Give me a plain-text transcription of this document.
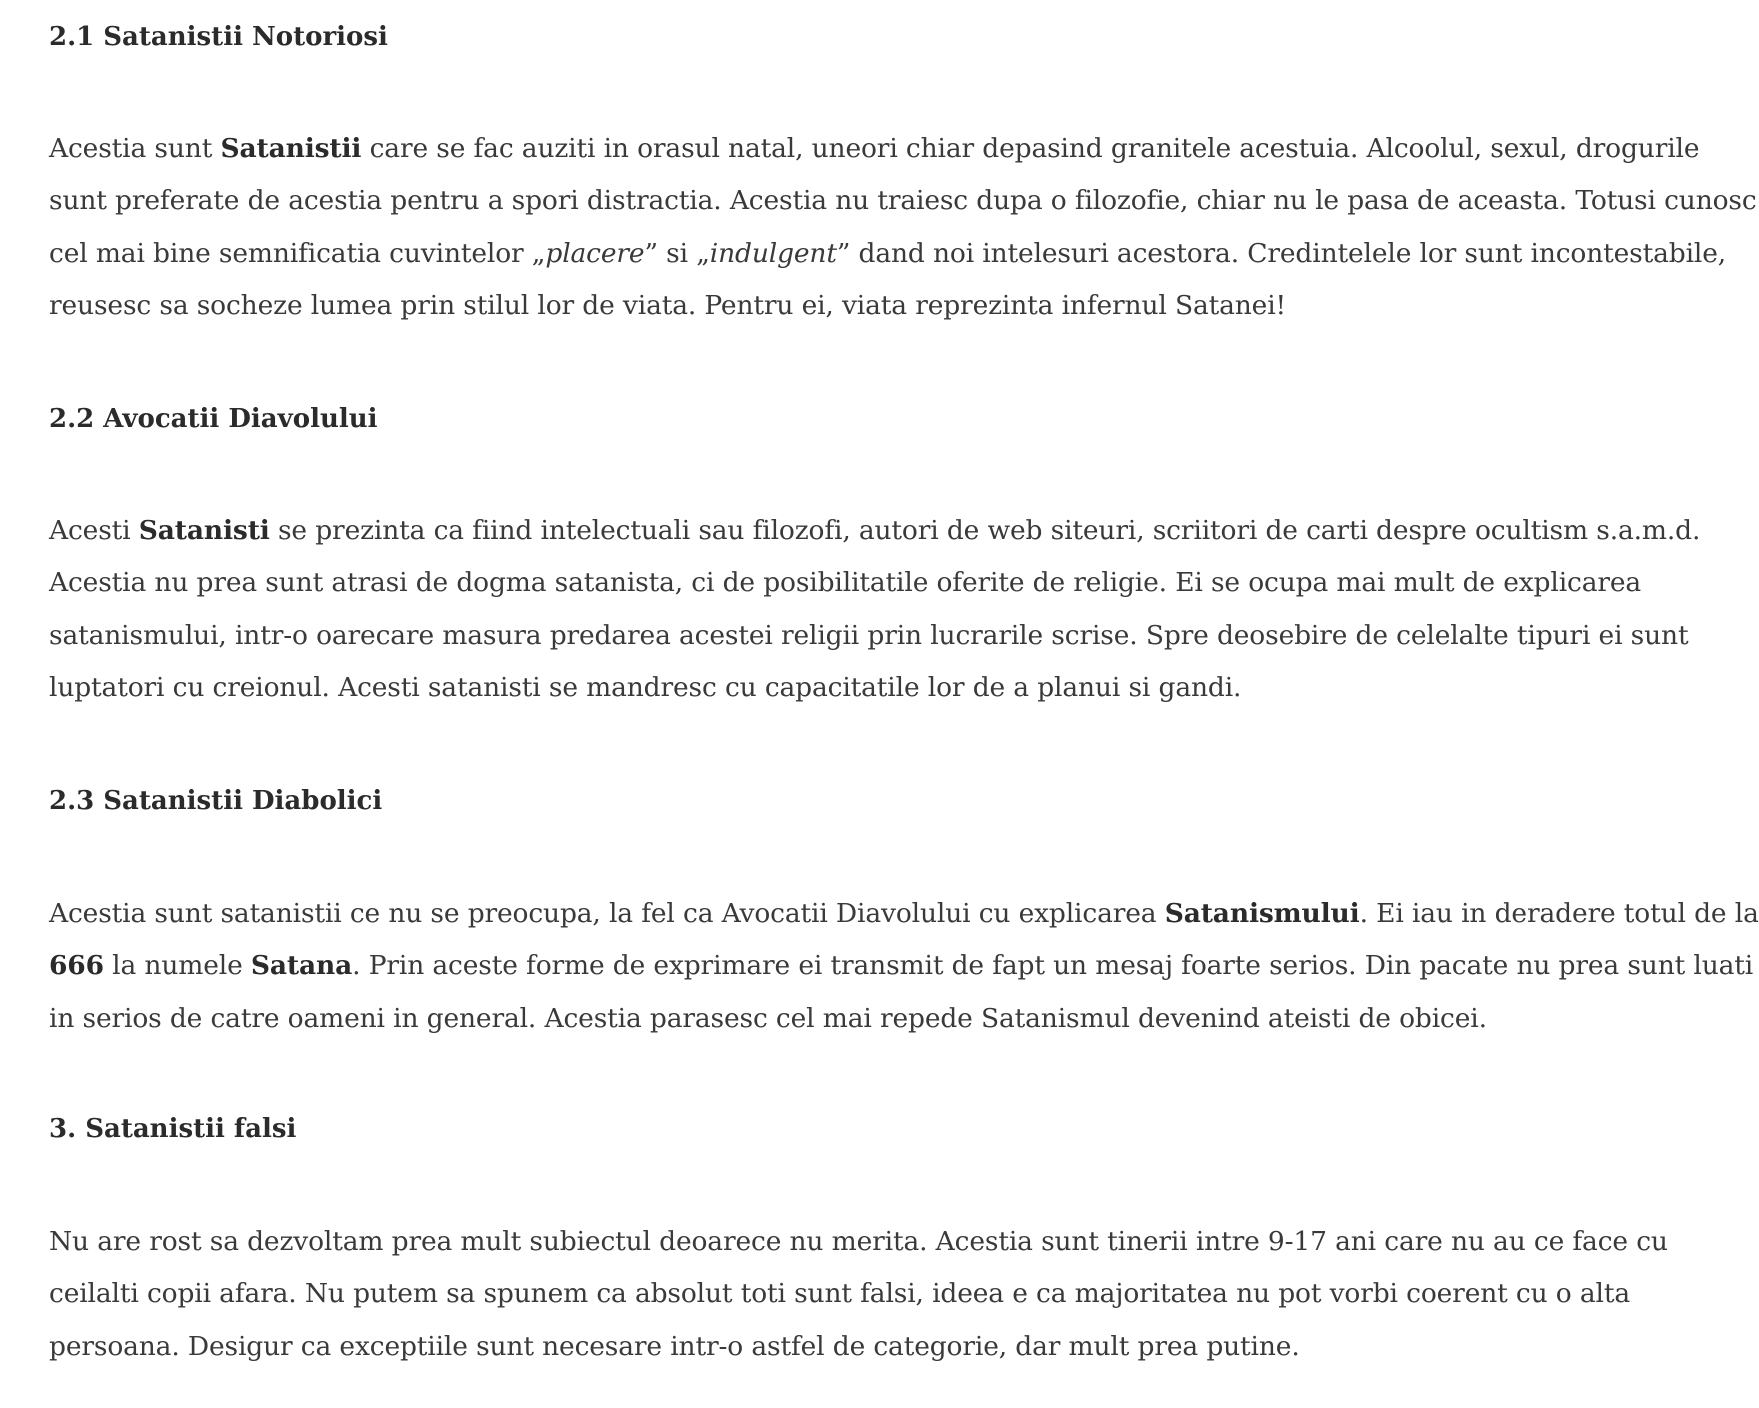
2.1 Satanistii Notoriosi

Acestia sunt Satanistii care se fac auziti in orasul natal, uneori chiar depasind granitele acestuia. Alcoolul, sexul, drogurile
sunt preferate de acestia pentru a spori distractia. Acestia nu traiesc dupa o filozofie, chiar nu le pasa de aceasta. Totusi cunosc
cel mai bine semnificatia cuvintelor „placere” si „indulgent” dand noi intelesuri acestora. Credintelele lor sunt incontestabile,
reusesc sa socheze lumea prin stilul lor de viata. Pentru ei, viata reprezinta infernul Satanei!

2.2 Avocatii Diavolului

Acesti Satanisti se prezinta ca fiind intelectuali sau filozofi, autori de web siteuri, scriitori de carti despre ocultism s.a.m.d.
Acestia nu prea sunt atrasi de dogma satanista, ci de posibilitatile oferite de religie. Ei se ocupa mai mult de explicarea
satanismului, intr-o oarecare masura predarea acestei religii prin lucrarile scrise. Spre deosebire de celelalte tipuri ei sunt
luptatori cu creionul. Acesti satanisti se mandresc cu capacitatile lor de a planui si gandi.

2.3 Satanistii Diabolici

Acestia sunt satanistii ce nu se preocupa, la fel ca Avocatii Diavolului cu explicarea Satanismului. Ei iau in deradere totul de la
666 la numele Satana. Prin aceste forme de exprimare ei transmit de fapt un mesaj foarte serios. Din pacate nu prea sunt luati
in serios de catre oameni in general. Acestia parasesc cel mai repede Satanismul devenind ateisti de obicei.

3. Satanistii falsi

Nu are rost sa dezvoltam prea mult subiectul deoarece nu merita. Acestia sunt tinerii intre 9-17 ani care nu au ce face cu
ceilalti copii afara. Nu putem sa spunem ca absolut toti sunt falsi, ideea e ca majoritatea nu pot vorbi coerent cu o alta
persoana. Desigur ca exceptiile sunt necesare intr-o astfel de categorie, dar mult prea putine.
